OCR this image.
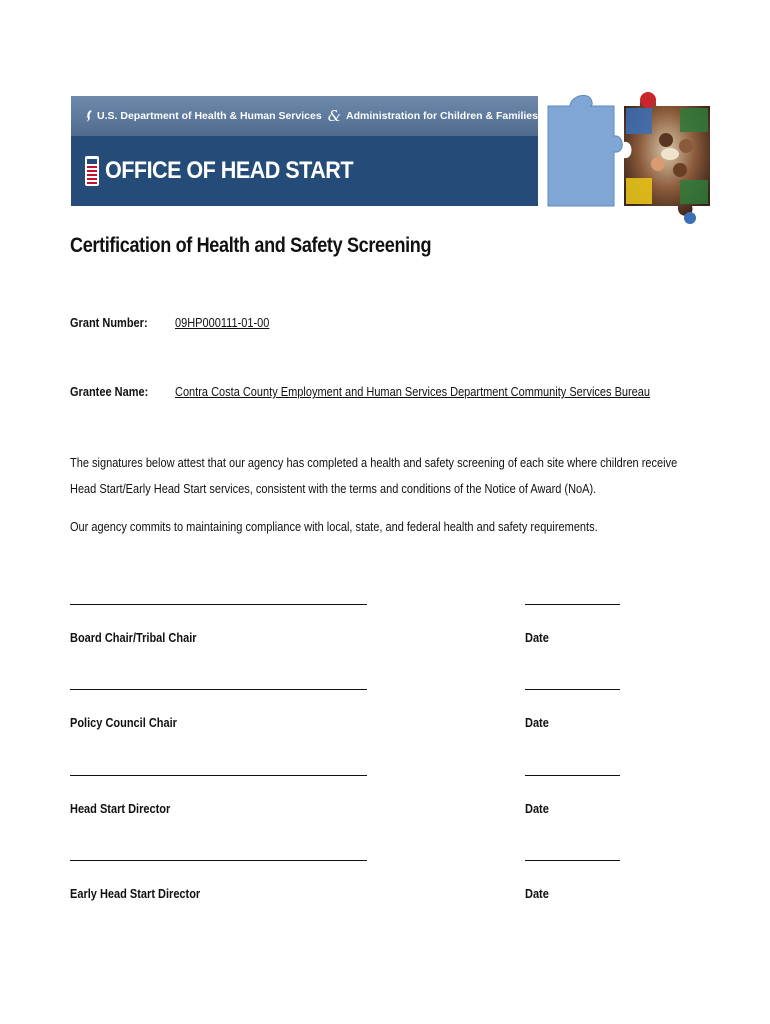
U.S. Department of Health & Human Services & Administration for Children & Families
OFFICE OF HEAD START
Certification of Health and Safety Screening
Grant Number: 09HP000111-01-00
Grantee Name: Contra Costa County Employment and Human Services Department Community Services Bureau
The signatures below attest that our agency has completed a health and safety screening of each site where children receive Head Start/Early Head Start services, consistent with the terms and conditions of the Notice of Award (NoA).
Our agency commits to maintaining compliance with local, state, and federal health and safety requirements.
Board Chair/Tribal Chair	Date
Policy Council Chair	Date
Head Start Director	Date
Early Head Start Director	Date
